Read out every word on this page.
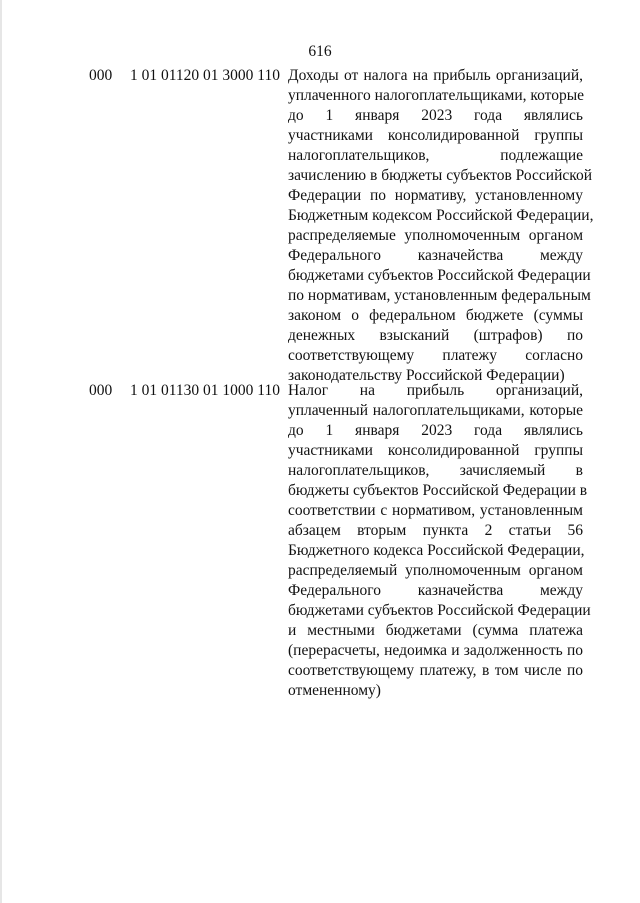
616
000 1 01 01120 01 3000 110 Доходы от налога на прибыль организаций,
уплаченного налогоплательщиками, которые
до 1 января 2023 года являлись
участниками консолидированной группы
налогоплательщиков, подлежащие
зачислению в бюджеты субъектов Российской
Федерации по нормативу, установленному
Бюджетным кодексом Российской Федерации,
распределяемые уполномоченным органом
Федерального казначейства между
бюджетами субъектов Российской Федерации
по нормативам, установленным федеральным
законом о федеральном бюджете (суммы
денежных взысканий (штрафов) по
соответствующему платежу согласно
законодательству Российской Федерации)
000 1 01 01130 01 1000 110 Налог на прибыль организаций,
уплаченный налогоплательщиками, которые
до 1 января 2023 года являлись
участниками консолидированной группы
налогоплательщиков, зачисляемый в
бюджеты субъектов Российской Федерации в
соответствии с нормативом, установленным
абзацем вторым пункта 2 статьи 56
Бюджетного кодекса Российской Федерации,
распределяемый уполномоченным органом
Федерального казначейства между
бюджетами субъектов Российской Федерации
и местными бюджетами (сумма платежа
(перерасчеты, недоимка и задолженность по
соответствующему платежу, в том числе по
отмененному)
